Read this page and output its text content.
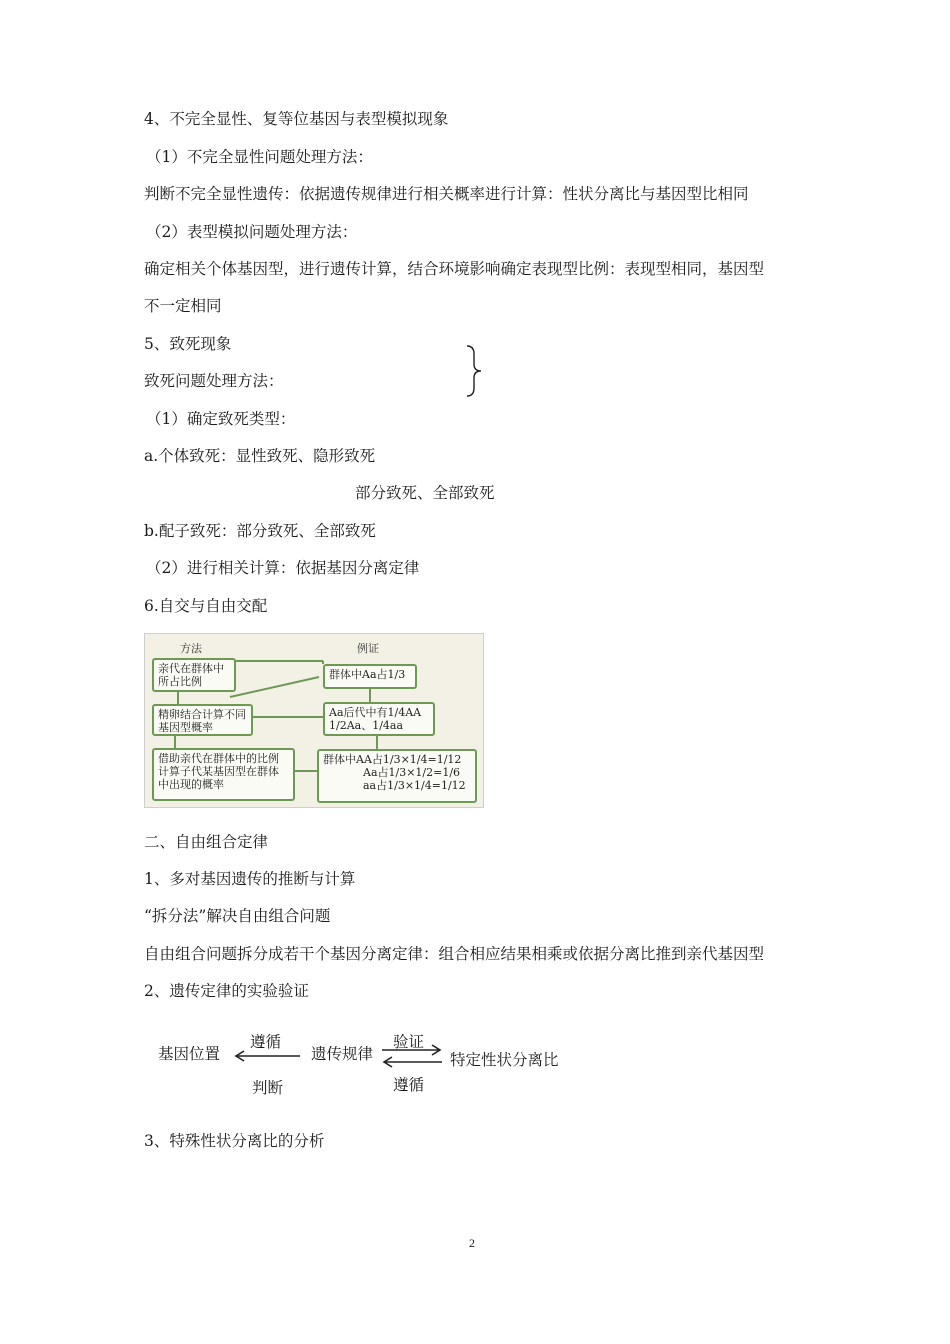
4、不完全显性、复等位基因与表型模拟现象
（1）不完全显性问题处理方法：
判断不完全显性遗传：依据遗传规律进行相关概率进行计算：性状分离比与基因型比相同
（2）表型模拟问题处理方法：
确定相关个体基因型，进行遗传计算，结合环境影响确定表现型比例：表现型相同，基因型
不一定相同
5、致死现象
致死问题处理方法：
（1）确定致死类型：
a.个体致死：显性致死、隐形致死
部分致死、全部致死
b.配子致死：部分致死、全部致死
（2）进行相关计算：依据基因分离定律
6.自交与自由交配
方法	例证
亲代在群体中所占比例
精卵结合计算不同基因型概率
借助亲代在群体中的比例计算子代某基因型在群体中出现的概率
群体中Aa占1/3
Aa后代中有1/4AA
1/2Aa、1/4aa
群体中AA占1/3×1/4=1/12
Aa占1/3×1/2=1/6
aa占1/3×1/4=1/12
二、自由组合定律
1、多对基因遗传的推断与计算
“拆分法”解决自由组合问题
自由组合问题拆分成若干个基因分离定律：组合相应结果相乘或依据分离比推到亲代基因型
2、遗传定律的实验验证
基因位置
遵循
判断
遗传规律
验证
遵循
特定性状分离比
3、特殊性状分离比的分析
2
